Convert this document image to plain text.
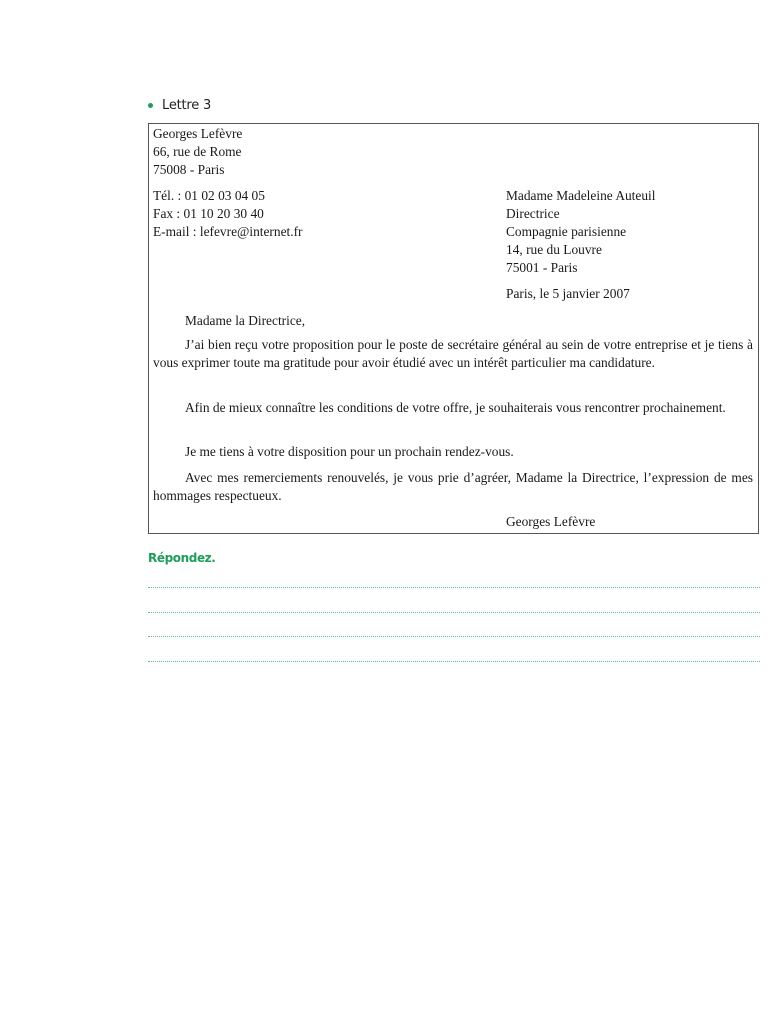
Lettre 3
Georges Lefèvre
66, rue de Rome
75008 - Paris
Tél. : 01 02 03 04 05
Fax : 01 10 20 30 40
E-mail : lefevre@internet.fr
Madame Madeleine Auteuil
Directrice
Compagnie parisienne
14, rue du Louvre
75001 - Paris
Paris, le 5 janvier 2007
Madame la Directrice,
J’ai bien reçu votre proposition pour le poste de secrétaire général au sein de votre entreprise et je tiens à vous exprimer toute ma gratitude pour avoir étudié avec un intérêt particulier ma candidature.
Afin de mieux connaître les conditions de votre offre, je souhaiterais vous rencontrer prochainement.
Je me tiens à votre disposition pour un prochain rendez-vous.
Avec mes remerciements renouvelés, je vous prie d’agréer, Madame la Directrice, l’expression de mes hommages respectueux.
Georges Lefèvre
Répondez.
